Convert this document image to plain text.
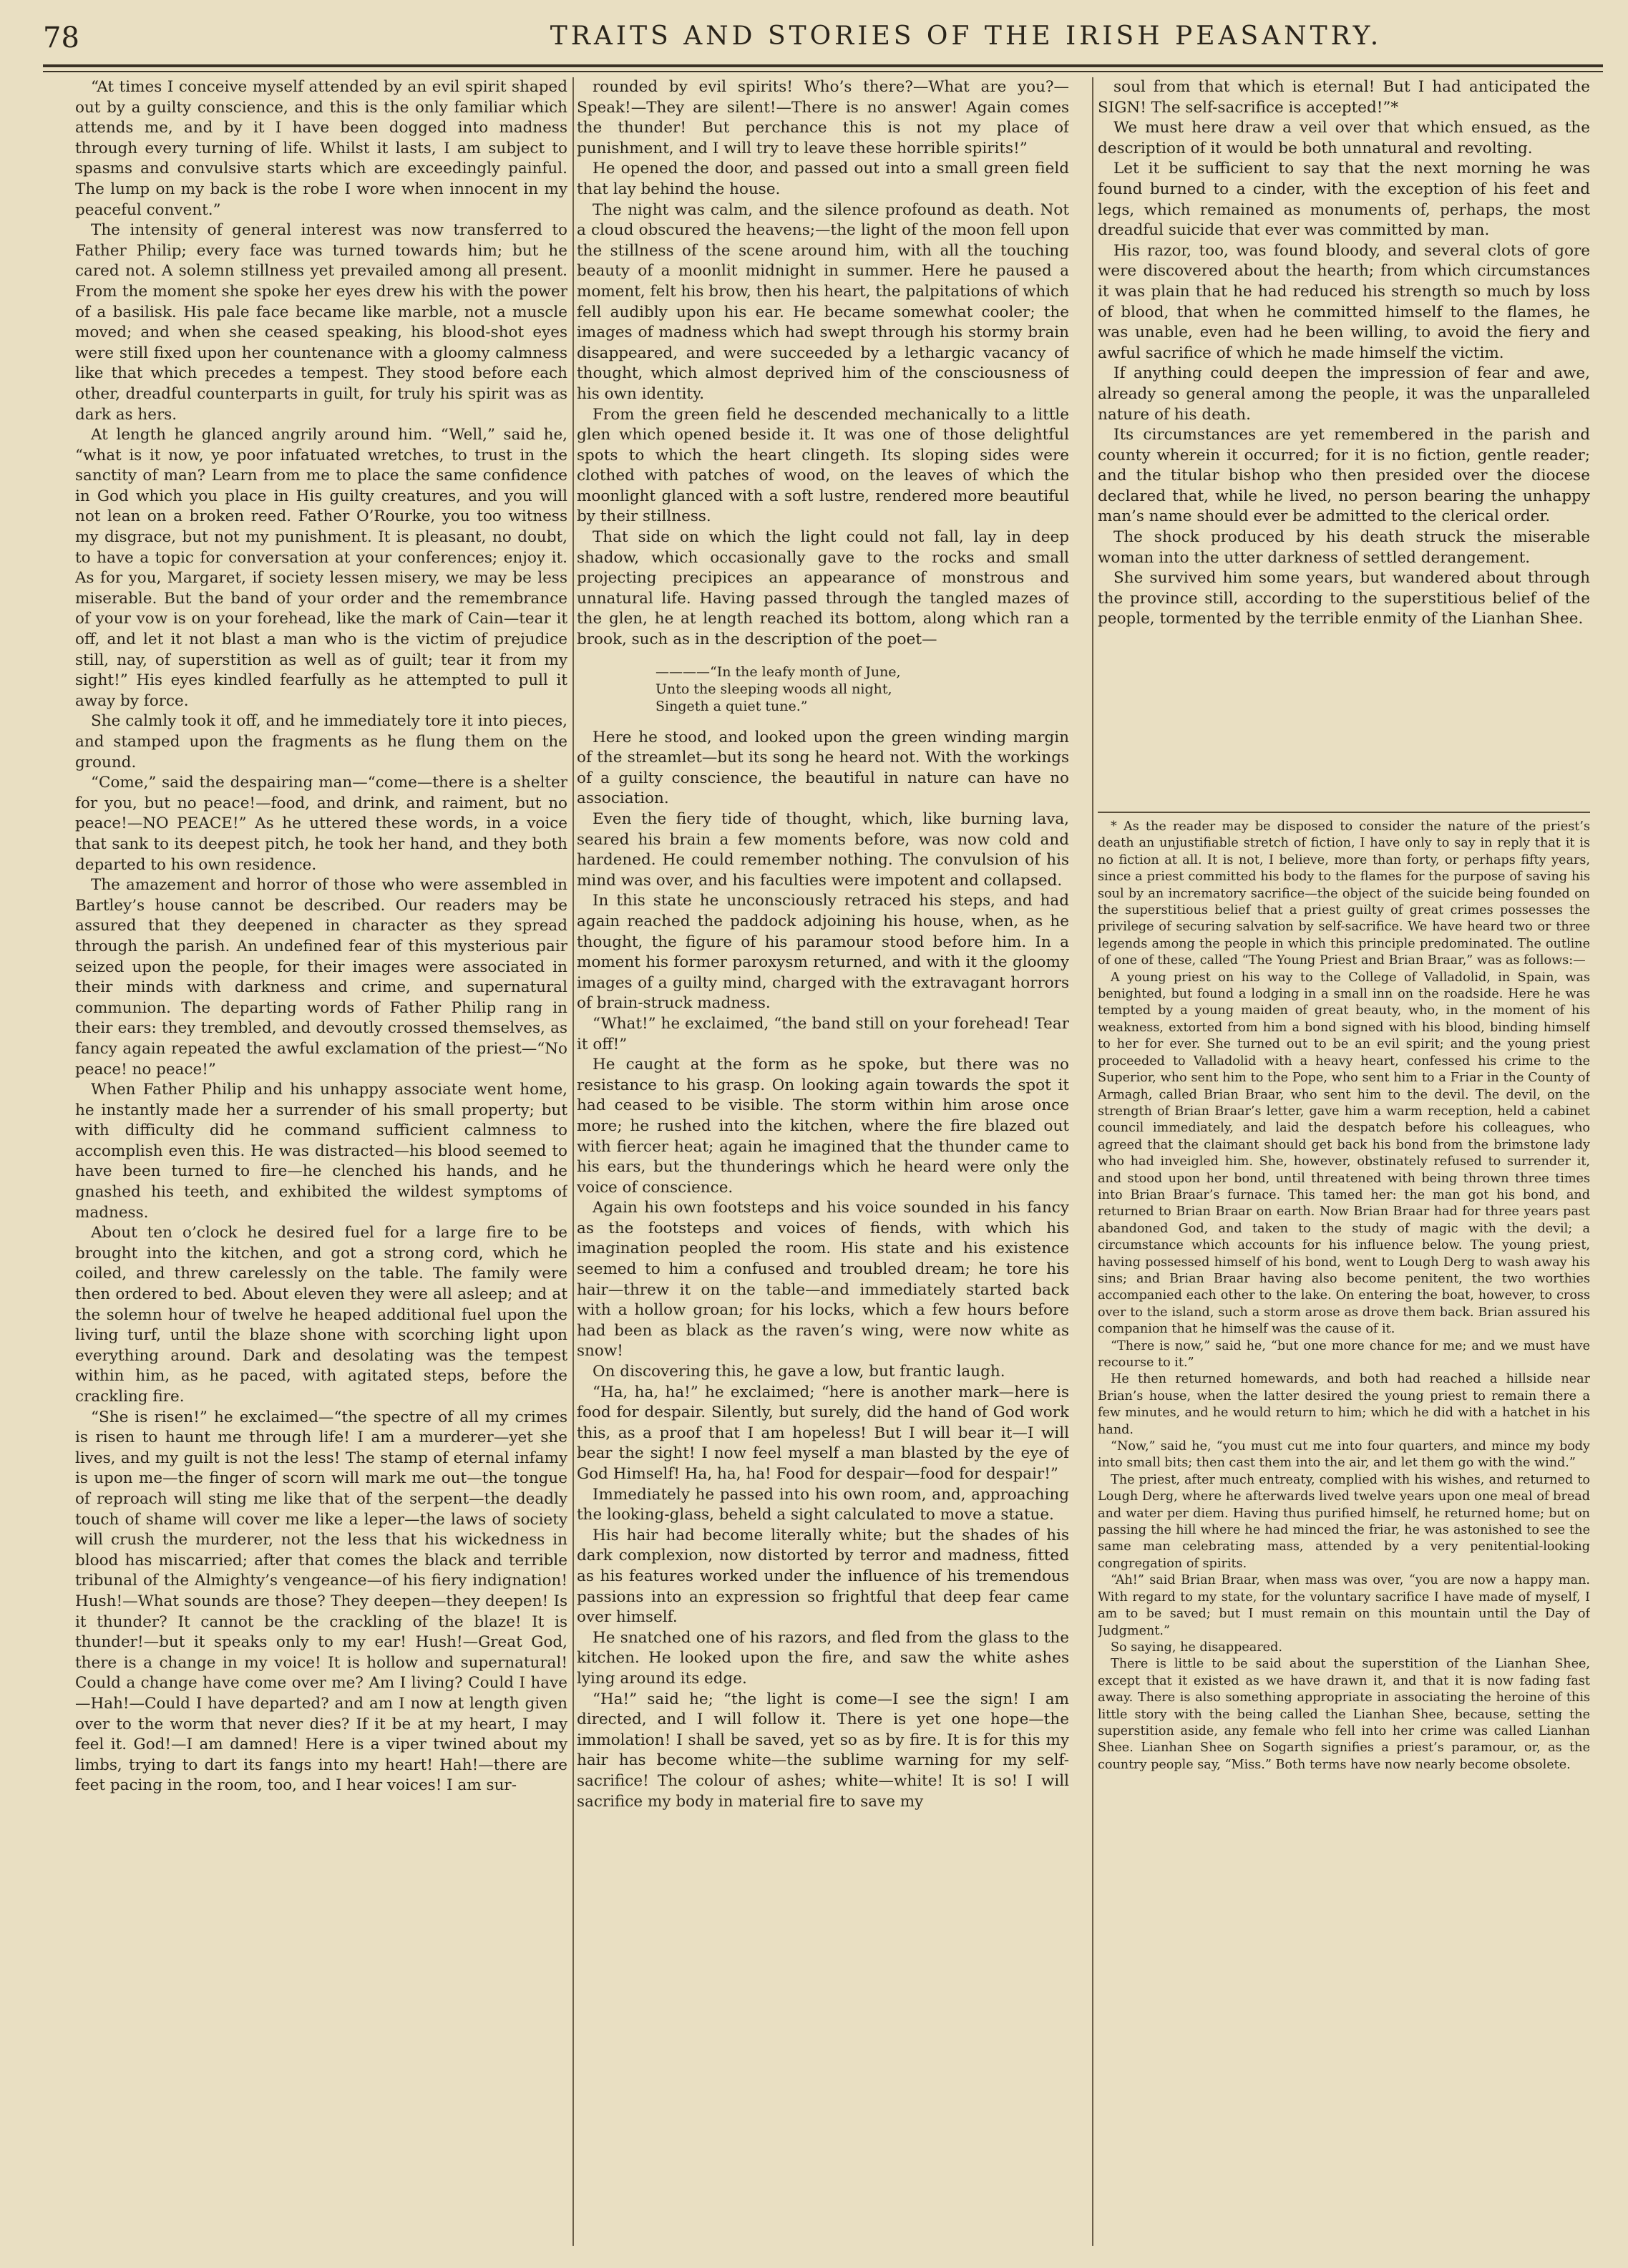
78	TRAITS AND STORIES OF THE IRISH PEASANTRY.

“At times I conceive myself attended by an evil spirit shaped out by a guilty conscience, and this is the only familiar which attends me, and by it I have been dogged into madness through every turning of life. Whilst it lasts, I am subject to spasms and convulsive starts which are exceedingly painful. The lump on my back is the robe I wore when innocent in my peaceful convent.”

The intensity of general interest was now transferred to Father Philip; every face was turned towards him; but he cared not. A solemn stillness yet prevailed among all present. From the moment she spoke her eyes drew his with the power of a basilisk. His pale face became like marble, not a muscle moved; and when she ceased speaking, his blood-shot eyes were still fixed upon her countenance with a gloomy calmness like that which precedes a tempest. They stood before each other, dreadful counterparts in guilt, for truly his spirit was as dark as hers.

At length he glanced angrily around him. “Well,” said he, “what is it now, ye poor infatuated wretches, to trust in the sanctity of man? Learn from me to place the same confidence in God which you place in His guilty creatures, and you will not lean on a broken reed. Father O’Rourke, you too witness my disgrace, but not my punishment. It is pleasant, no doubt, to have a topic for conversation at your conferences; enjoy it. As for you, Margaret, if society lessen misery, we may be less miserable. But the band of your order and the remembrance of your vow is on your forehead, like the mark of Cain—tear it off, and let it not blast a man who is the victim of prejudice still, nay, of superstition as well as of guilt; tear it from my sight!” His eyes kindled fearfully as he attempted to pull it away by force.

She calmly took it off, and he immediately tore it into pieces, and stamped upon the fragments as he flung them on the ground.

“Come,” said the despairing man—“come—there is a shelter for you, but no peace!—food, and drink, and raiment, but no peace!—NO PEACE!” As he uttered these words, in a voice that sank to its deepest pitch, he took her hand, and they both departed to his own residence.

The amazement and horror of those who were assembled in Bartley’s house cannot be described. Our readers may be assured that they deepened in character as they spread through the parish. An undefined fear of this mysterious pair seized upon the people, for their images were associated in their minds with darkness and crime, and supernatural communion. The departing words of Father Philip rang in their ears: they trembled, and devoutly crossed themselves, as fancy again repeated the awful exclamation of the priest—“No peace! no peace!”

When Father Philip and his unhappy associate went home, he instantly made her a surrender of his small property; but with difficulty did he command sufficient calmness to accomplish even this. He was distracted—his blood seemed to have been turned to fire—he clenched his hands, and he gnashed his teeth, and exhibited the wildest symptoms of madness.

About ten o’clock he desired fuel for a large fire to be brought into the kitchen, and got a strong cord, which he coiled, and threw carelessly on the table. The family were then ordered to bed. About eleven they were all asleep; and at the solemn hour of twelve he heaped additional fuel upon the living turf, until the blaze shone with scorching light upon everything around. Dark and desolating was the tempest within him, as he paced, with agitated steps, before the crackling fire.

“She is risen!” he exclaimed—“the spectre of all my crimes is risen to haunt me through life! I am a murderer—yet she lives, and my guilt is not the less! The stamp of eternal infamy is upon me—the finger of scorn will mark me out—the tongue of reproach will sting me like that of the serpent—the deadly touch of shame will cover me like a leper—the laws of society will crush the murderer, not the less that his wickedness in blood has miscarried; after that comes the black and terrible tribunal of the Almighty’s vengeance—of his fiery indignation! Hush!—What sounds are those? They deepen—they deepen! Is it thunder? It cannot be the crackling of the blaze! It is thunder!—but it speaks only to my ear! Hush!—Great God, there is a change in my voice! It is hollow and supernatural! Could a change have come over me? Am I living? Could I have—Hah!—Could I have departed? and am I now at length given over to the worm that never dies? If it be at my heart, I may feel it. God!—I am damned! Here is a viper twined about my limbs, trying to dart its fangs into my heart! Hah!—there are feet pacing in the room, too, and I hear voices! I am sur-

rounded by evil spirits! Who’s there?—What are you?—Speak!—They are silent!—There is no answer! Again comes the thunder! But perchance this is not my place of punishment, and I will try to leave these horrible spirits!”

He opened the door, and passed out into a small green field that lay behind the house.

The night was calm, and the silence profound as death. Not a cloud obscured the heavens;—the light of the moon fell upon the stillness of the scene around him, with all the touching beauty of a moonlit midnight in summer. Here he paused a moment, felt his brow, then his heart, the palpitations of which fell audibly upon his ear. He became somewhat cooler; the images of madness which had swept through his stormy brain disappeared, and were succeeded by a lethargic vacancy of thought, which almost deprived him of the consciousness of his own identity.

From the green field he descended mechanically to a little glen which opened beside it. It was one of those delightful spots to which the heart clingeth. Its sloping sides were clothed with patches of wood, on the leaves of which the moonlight glanced with a soft lustre, rendered more beautiful by their stillness.

That side on which the light could not fall, lay in deep shadow, which occasionally gave to the rocks and small projecting precipices an appearance of monstrous and unnatural life. Having passed through the tangled mazes of the glen, he at length reached its bottom, along which ran a brook, such as in the description of the poet—

————“In the leafy month of June,
Unto the sleeping woods all night,
Singeth a quiet tune.”

Here he stood, and looked upon the green winding margin of the streamlet—but its song he heard not. With the workings of a guilty conscience, the beautiful in nature can have no association.

Even the fiery tide of thought, which, like burning lava, seared his brain a few moments before, was now cold and hardened. He could remember nothing. The convulsion of his mind was over, and his faculties were impotent and collapsed.

In this state he unconsciously retraced his steps, and had again reached the paddock adjoining his house, when, as he thought, the figure of his paramour stood before him. In a moment his former paroxysm returned, and with it the gloomy images of a guilty mind, charged with the extravagant horrors of brain-struck madness.

“What!” he exclaimed, “the band still on your forehead! Tear it off!”

He caught at the form as he spoke, but there was no resistance to his grasp. On looking again towards the spot it had ceased to be visible. The storm within him arose once more; he rushed into the kitchen, where the fire blazed out with fiercer heat; again he imagined that the thunder came to his ears, but the thunderings which he heard were only the voice of conscience.

Again his own footsteps and his voice sounded in his fancy as the footsteps and voices of fiends, with which his imagination peopled the room. His state and his existence seemed to him a confused and troubled dream; he tore his hair—threw it on the table—and immediately started back with a hollow groan; for his locks, which a few hours before had been as black as the raven’s wing, were now white as snow!

On discovering this, he gave a low, but frantic laugh.

“Ha, ha, ha!” he exclaimed; “here is another mark—here is food for despair. Silently, but surely, did the hand of God work this, as a proof that I am hopeless! But I will bear it—I will bear the sight! I now feel myself a man blasted by the eye of God Himself! Ha, ha, ha! Food for despair—food for despair!”

Immediately he passed into his own room, and, approaching the looking-glass, beheld a sight calculated to move a statue.

His hair had become literally white; but the shades of his dark complexion, now distorted by terror and madness, fitted as his features worked under the influence of his tremendous passions into an expression so frightful that deep fear came over himself.

He snatched one of his razors, and fled from the glass to the kitchen. He looked upon the fire, and saw the white ashes lying around its edge.

“Ha!” said he; “the light is come—I see the sign! I am directed, and I will follow it. There is yet one hope—the immolation! I shall be saved, yet so as by fire. It is for this my hair has become white—the sublime warning for my self-sacrifice! The colour of ashes; white—white! It is so! I will sacrifice my body in material fire to save my

soul from that which is eternal! But I had anticipated the SIGN! The self-sacrifice is accepted!”*

We must here draw a veil over that which ensued, as the description of it would be both unnatural and revolting.

Let it be sufficient to say that the next morning he was found burned to a cinder, with the exception of his feet and legs, which remained as monuments of, perhaps, the most dreadful suicide that ever was committed by man.

His razor, too, was found bloody, and several clots of gore were discovered about the hearth; from which circumstances it was plain that he had reduced his strength so much by loss of blood, that when he committed himself to the flames, he was unable, even had he been willing, to avoid the fiery and awful sacrifice of which he made himself the victim.

If anything could deepen the impression of fear and awe, already so general among the people, it was the unparalleled nature of his death.

Its circumstances are yet remembered in the parish and county wherein it occurred; for it is no fiction, gentle reader; and the titular bishop who then presided over the diocese declared that, while he lived, no person bearing the unhappy man’s name should ever be admitted to the clerical order.

The shock produced by his death struck the miserable woman into the utter darkness of settled derangement.

She survived him some years, but wandered about through the province still, according to the superstitious belief of the people, tormented by the terrible enmity of the Lianhan Shee.

* As the reader may be disposed to consider the nature of the priest’s death an unjustifiable stretch of fiction, I have only to say in reply that it is no fiction at all. It is not, I believe, more than forty, or perhaps fifty years, since a priest committed his body to the flames for the purpose of saving his soul by an incrematory sacrifice—the object of the suicide being founded on the superstitious belief that a priest guilty of great crimes possesses the privilege of securing salvation by self-sacrifice. We have heard two or three legends among the people in which this principle predominated. The outline of one of these, called “The Young Priest and Brian Braar,” was as follows:—

A young priest on his way to the College of Valladolid, in Spain, was benighted, but found a lodging in a small inn on the roadside. Here he was tempted by a young maiden of great beauty, who, in the moment of his weakness, extorted from him a bond signed with his blood, binding himself to her for ever. She turned out to be an evil spirit; and the young priest proceeded to Valladolid with a heavy heart, confessed his crime to the Superior, who sent him to the Pope, who sent him to a Friar in the County of Armagh, called Brian Braar, who sent him to the devil. The devil, on the strength of Brian Braar’s letter, gave him a warm reception, held a cabinet council immediately, and laid the despatch before his colleagues, who agreed that the claimant should get back his bond from the brimstone lady who had inveigled him. She, however, obstinately refused to surrender it, and stood upon her bond, until threatened with being thrown three times into Brian Braar’s furnace. This tamed her: the man got his bond, and returned to Brian Braar on earth. Now Brian Braar had for three years past abandoned God, and taken to the study of magic with the devil; a circumstance which accounts for his influence below. The young priest, having possessed himself of his bond, went to Lough Derg to wash away his sins; and Brian Braar having also become penitent, the two worthies accompanied each other to the lake. On entering the boat, however, to cross over to the island, such a storm arose as drove them back. Brian assured his companion that he himself was the cause of it.

“There is now,” said he, “but one more chance for me; and we must have recourse to it.”

He then returned homewards, and both had reached a hillside near Brian’s house, when the latter desired the young priest to remain there a few minutes, and he would return to him; which he did with a hatchet in his hand.

“Now,” said he, “you must cut me into four quarters, and mince my body into small bits; then cast them into the air, and let them go with the wind.”

The priest, after much entreaty, complied with his wishes, and returned to Lough Derg, where he afterwards lived twelve years upon one meal of bread and water per diem. Having thus purified himself, he returned home; but on passing the hill where he had minced the friar, he was astonished to see the same man celebrating mass, attended by a very penitential-looking congregation of spirits.

“Ah!” said Brian Braar, when mass was over, “you are now a happy man. With regard to my state, for the voluntary sacrifice I have made of myself, I am to be saved; but I must remain on this mountain until the Day of Judgment.”

So saying, he disappeared.

There is little to be said about the superstition of the Lianhan Shee, except that it existed as we have drawn it, and that it is now fading fast away. There is also something appropriate in associating the heroine of this little story with the being called the Lianhan Shee, because, setting the superstition aside, any female who fell into her crime was called Lianhan Shee. Lianhan Shee on Sogarth signifies a priest’s paramour, or, as the country people say, “Miss.” Both terms have now nearly become obsolete.
